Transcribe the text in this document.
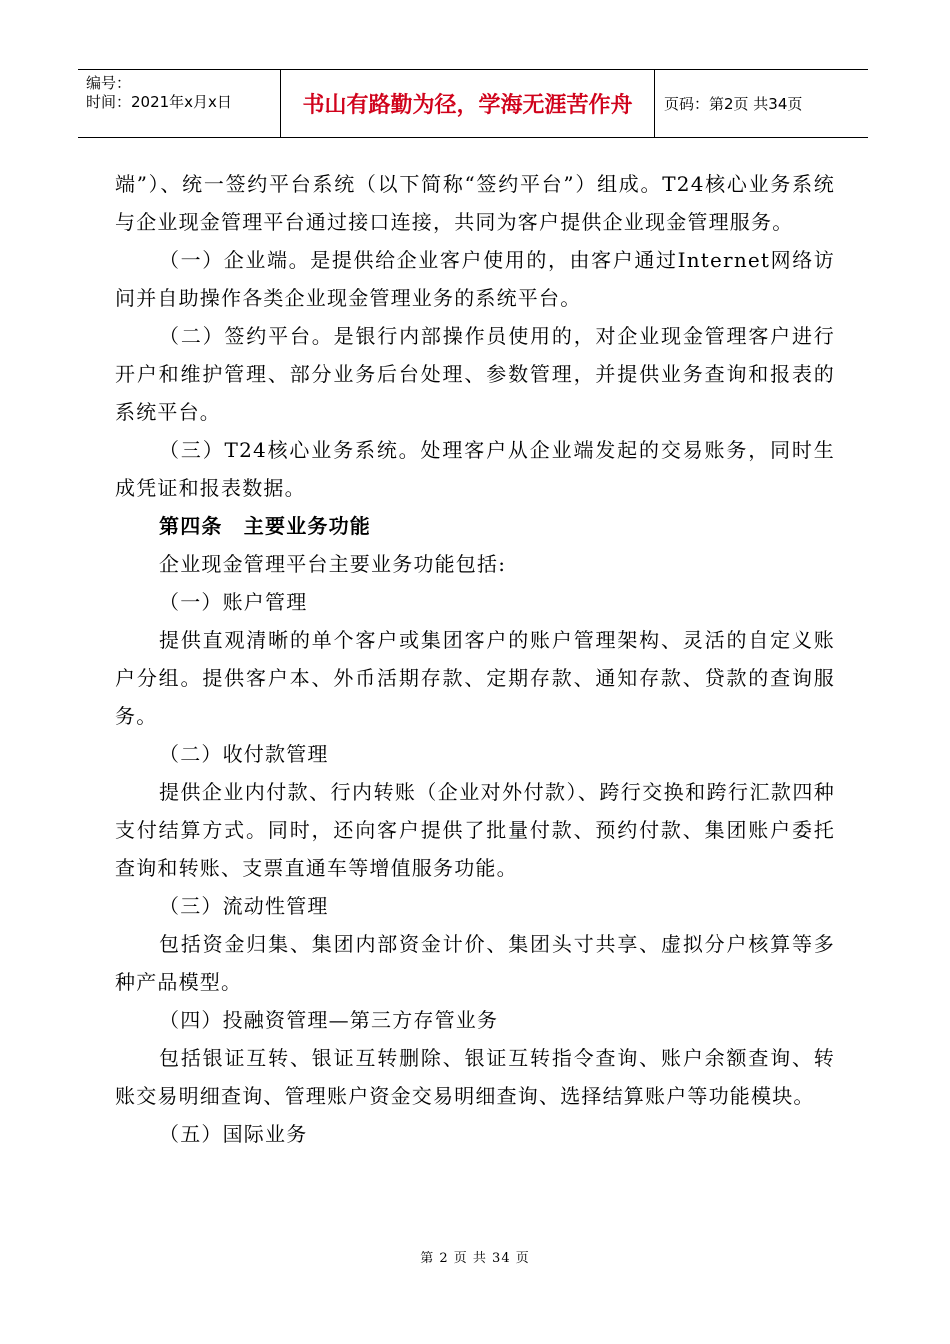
编号：
时间：2021年x月x日	书山有路勤为径，学海无涯苦作舟	页码：第2页 共34页

端”）、统一签约平台系统（以下简称“签约平台”）组成。T24核心业务系统与企业现金管理平台通过接口连接，共同为客户提供企业现金管理服务。

（一）企业端。是提供给企业客户使用的，由客户通过Internet网络访问并自助操作各类企业现金管理业务的系统平台。

（二）签约平台。是银行内部操作员使用的，对企业现金管理客户进行开户和维护管理、部分业务后台处理、参数管理，并提供业务查询和报表的系统平台。

（三）T24核心业务系统。处理客户从企业端发起的交易账务，同时生成凭证和报表数据。

第四条　主要业务功能

企业现金管理平台主要业务功能包括:

（一）账户管理

提供直观清晰的单个客户或集团客户的账户管理架构、灵活的自定义账户分组。提供客户本、外币活期存款、定期存款、通知存款、贷款的查询服务。

（二）收付款管理

提供企业内付款、行内转账（企业对外付款）、跨行交换和跨行汇款四种支付结算方式。同时，还向客户提供了批量付款、预约付款、集团账户委托查询和转账、支票直通车等增值服务功能。

（三）流动性管理

包括资金归集、集团内部资金计价、集团头寸共享、虚拟分户核算等多种产品模型。

（四）投融资管理—第三方存管业务

包括银证互转、银证互转删除、银证互转指令查询、账户余额查询、转账交易明细查询、管理账户资金交易明细查询、选择结算账户等功能模块。

（五）国际业务

第 2 页 共 34 页
